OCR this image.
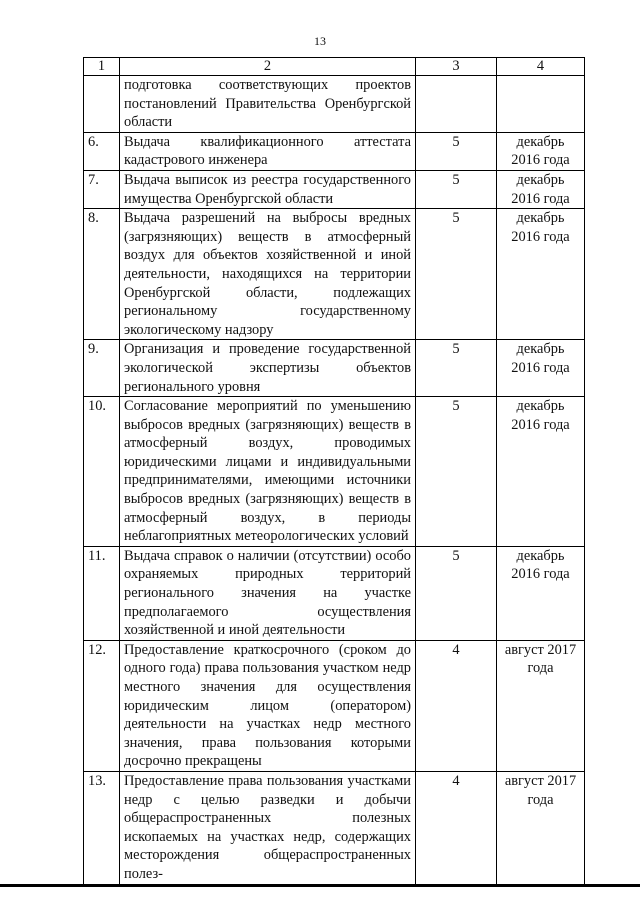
13
1	2	3	4
	подготовка соответствующих проектов постановлений Правительства Оренбургской области		
6.	Выдача квалификационного аттестата кадастрового инженера	5	декабрь 2016 года
7.	Выдача выписок из реестра государственного имущества Оренбургской области	5	декабрь 2016 года
8.	Выдача разрешений на выбросы вредных (загрязняющих) веществ в атмосферный воздух для объектов хозяйственной и иной деятельности, находящихся на территории Оренбургской области, подлежащих региональному государственному экологическому надзору	5	декабрь 2016 года
9.	Организация и проведение государственной экологической экспертизы объектов регионального уровня	5	декабрь 2016 года
10.	Согласование мероприятий по уменьшению выбросов вредных (загрязняющих) веществ в атмосферный воздух, проводимых юридическими лицами и индивидуальными предпринимателями, имеющими источники выбросов вредных (загрязняющих) веществ в атмосферный воздух, в периоды неблагоприятных метеорологических условий	5	декабрь 2016 года
11.	Выдача справок о наличии (отсутствии) особо охраняемых природных территорий регионального значения на участке предполагаемого осуществления хозяйственной и иной деятельности	5	декабрь 2016 года
12.	Предоставление краткосрочного (сроком до одного года) права пользования участком недр местного значения для осуществления юридическим лицом (оператором) деятельности на участках недр местного значения, права пользования которыми досрочно прекращены	4	август 2017 года
13.	Предоставление права пользования участками недр с целью разведки и добычи общераспространенных полезных ископаемых на участках недр, содержащих месторождения общераспространенных полез-	4	август 2017 года
